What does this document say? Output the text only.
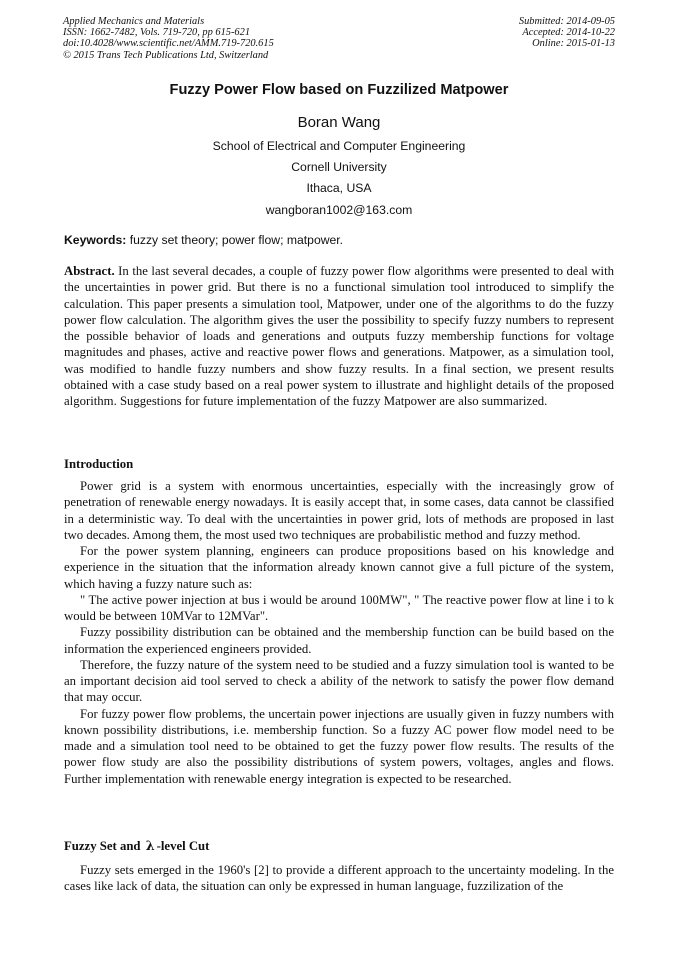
Applied Mechanics and Materials
ISSN: 1662-7482, Vols. 719-720, pp 615-621
doi:10.4028/www.scientific.net/AMM.719-720.615
© 2015 Trans Tech Publications Ltd, Switzerland
Submitted: 2014-09-05
Accepted: 2014-10-22
Online: 2015-01-13
Fuzzy Power Flow based on Fuzzilized Matpower
Boran Wang
School of Electrical and Computer Engineering
Cornell University
Ithaca, USA
wangboran1002@163.com
Keywords: fuzzy set theory; power flow; matpower.

Abstract. In the last several decades, a couple of fuzzy power flow algorithms were presented to deal with the uncertainties in power grid. But there is no a functional simulation tool introduced to simplify the calculation. This paper presents a simulation tool, Matpower, under one of the algorithms to do the fuzzy power flow calculation. The algorithm gives the user the possibility to specify fuzzy numbers to represent the possible behavior of loads and generations and outputs fuzzy membership functions for voltage magnitudes and phases, active and reactive power flows and generations. Matpower, as a simulation tool, was modified to handle fuzzy numbers and show fuzzy results. In a final section, we present results obtained with a case study based on a real power system to illustrate and highlight details of the proposed algorithm. Suggestions for future implementation of the fuzzy Matpower are also summarized.

Introduction

Power grid is a system with enormous uncertainties, especially with the increasingly grow of penetration of renewable energy nowadays. It is easily accept that, in some cases, data cannot be classified in a deterministic way. To deal with the uncertainties in power grid, lots of methods are proposed in last two decades. Among them, the most used two techniques are probabilistic method and fuzzy method.

For the power system planning, engineers can produce propositions based on his knowledge and experience in the situation that the information already known cannot give a full picture of the system, which having a fuzzy nature such as:

" The active power injection at bus i would be around 100MW", " The reactive power flow at line i to k would be between 10MVar to 12MVar".

Fuzzy possibility distribution can be obtained and the membership function can be build based on the information the experienced engineers provided.

Therefore, the fuzzy nature of the system need to be studied and a fuzzy simulation tool is wanted to be an important decision aid tool served to check a ability of the network to satisfy the power flow demand that may occur.

For fuzzy power flow problems, the uncertain power injections are usually given in fuzzy numbers with known possibility distributions, i.e. membership function. So a fuzzy AC power flow model need to be made and a simulation tool need to be obtained to get the fuzzy power flow results. The results of the power flow study are also the possibility distributions of system powers, voltages, angles and flows. Further implementation with renewable energy integration is expected to be researched.

Fuzzy Set and λ -level Cut

Fuzzy sets emerged in the 1960's [2] to provide a different approach to the uncertainty modeling. In the cases like lack of data, the situation can only be expressed in human language, fuzzilization of the
